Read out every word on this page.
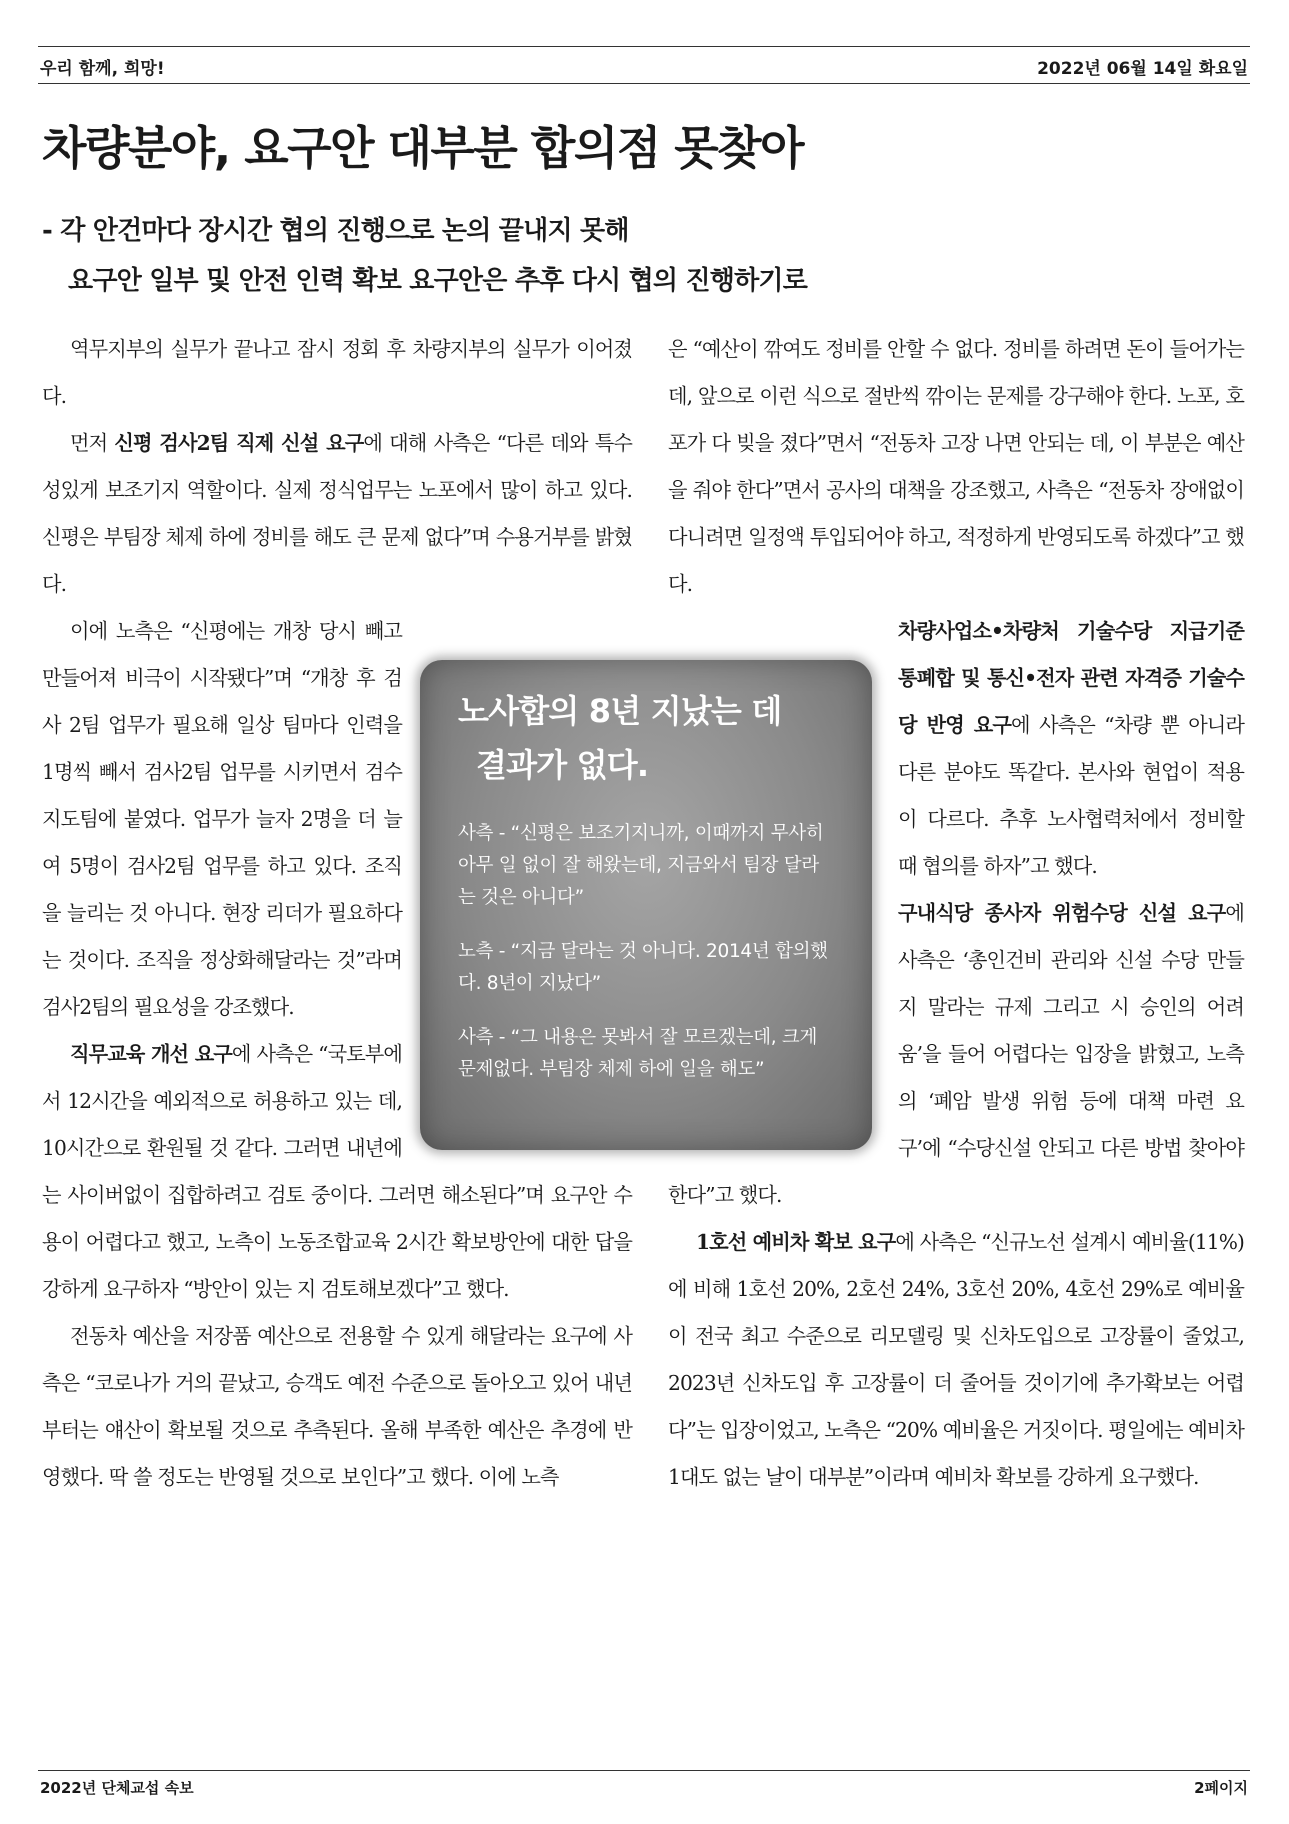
우리 함께, 희망!	2022년 06월 14일 화요일
차량분야, 요구안 대부분 합의점 못찾아
- 각 안건마다 장시간 협의 진행으로 논의 끝내지 못해
요구안 일부 및 안전 인력 확보 요구안은 추후 다시 협의 진행하기로

역무지부의 실무가 끝나고 잠시 정회 후 차량지부의 실무가 이어졌다.

먼저 신평 검사2팀 직제 신설 요구에 대해 사측은 “다른 데와 특수성있게 보조기지 역할이다. 실제 정식업무는 노포에서 많이 하고 있다. 신평은 부팀장 체제 하에 정비를 해도 큰 문제 없다”며 수용거부를 밝혔다.

이에 노측은 “신평에는 개창 당시 빼고 만들어져 비극이 시작됐다”며 “개창 후 검사 2팀 업무가 필요해 일상 팀마다 인력을 1명씩 빼서 검사2팀 업무를 시키면서 검수지도팀에 붙였다. 업무가 늘자 2명을 더 늘여 5명이 검사2팀 업무를 하고 있다. 조직을 늘리는 것 아니다. 현장 리더가 필요하다는 것이다. 조직을 정상화해달라는 것”라며 검사2팀의 필요성을 강조했다.

직무교육 개선 요구에 사측은 “국토부에서 12시간을 예외적으로 허용하고 있는 데, 10시간으로 환원될 것 같다. 그러면 내년에는 사이버없이 집합하려고 검토 중이다. 그러면 해소된다”며 요구안 수용이 어렵다고 했고, 노측이 노동조합교육 2시간 확보방안에 대한 답을 강하게 요구하자 “방안이 있는 지 검토해보겠다”고 했다.

전동차 예산을 저장품 예산으로 전용할 수 있게 해달라는 요구에 사측은 “코로나가 거의 끝났고, 승객도 예전 수준으로 돌아오고 있어 내년부터는 얘산이 확보될 것으로 추측된다. 올해 부족한 예산은 추경에 반영했다. 딱 쓸 정도는 반영될 것으로 보인다”고 했다. 이에 노측

은 “예산이 깎여도 정비를 안할 수 없다. 정비를 하려면 돈이 들어가는 데, 앞으로 이런 식으로 절반씩 깎이는 문제를 강구해야 한다. 노포, 호포가 다 빚을 졌다”면서 “전동차 고장 나면 안되는 데, 이 부분은 예산을 줘야 한다”면서 공사의 대책을 강조했고, 사측은 “전동차 장애없이 다니려면 일정액 투입되어야 하고, 적정하게 반영되도록 하겠다”고 했다.

차량사업소•차량처 기술수당 지급기준 통폐합 및 통신•전자 관련 자격증 기술수당 반영 요구에 사측은 “차량 뿐 아니라 다른 분야도 똑같다. 본사와 현업이 적용이 다르다. 추후 노사협력처에서 정비할 때 협의를 하자”고 했다.

구내식당 종사자 위험수당 신설 요구에 사측은 ‘총인건비 관리와 신설 수당 만들지 말라는 규제 그리고 시 승인의 어려움’을 들어 어렵다는 입장을 밝혔고, 노측의 ‘폐암 발생 위험 등에 대책 마련 요구’에 “수당신설 안되고 다른 방법 찾아야 한다”고 했다.

1호선 예비차 확보 요구에 사측은 “신규노선 설계시 예비율(11%)에 비해 1호선 20%, 2호선 24%, 3호선 20%, 4호선 29%로 예비율이 전국 최고 수준으로 리모델링 및 신차도입으로 고장률이 줄었고, 2023년 신차도입 후 고장률이 더 줄어들 것이기에 추가확보는 어렵다”는 입장이었고, 노측은 “20% 예비율은 거짓이다. 평일에는 예비차 1대도 없는 날이 대부분”이라며 예비차 확보를 강하게 요구했다.

노사합의 8년 지났는 데
결과가 없다.
사측 - “신평은 보조기지니까, 이때까지 무사히 아무 일 없이 잘 해왔는데, 지금와서 팀장 달라는 것은 아니다”
노측 - “지금 달라는 것 아니다. 2014년 합의했다. 8년이 지났다”
사측 - “그 내용은 못봐서 잘 모르겠는데, 크게 문제없다. 부팀장 체제 하에 일을 해도”
2022년 단체교섭 속보	2페이지
